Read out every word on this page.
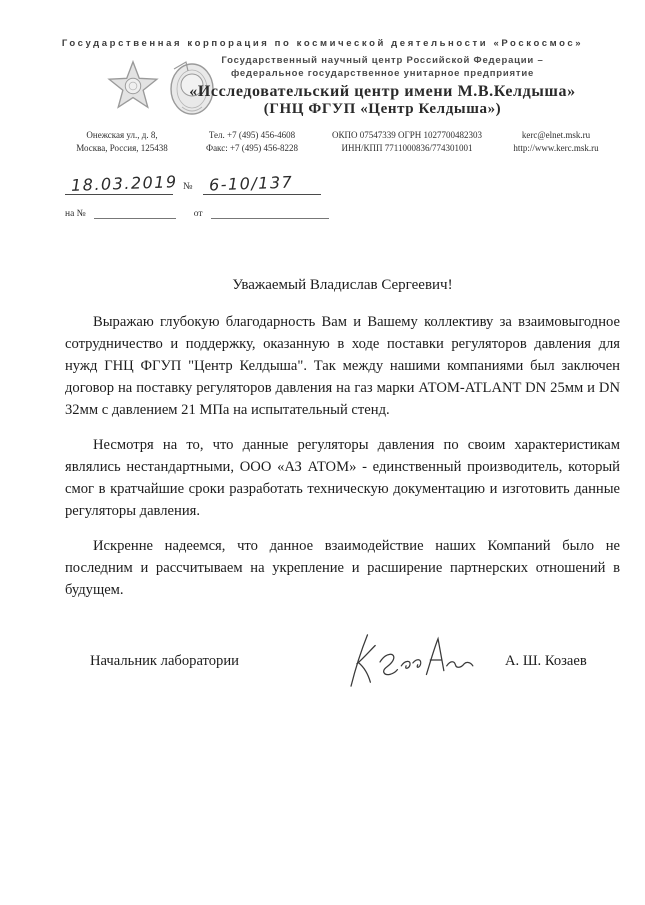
Государственная корпорация по космической деятельности «Роскосмос»
Государственный научный центр Российской Федерации –
федеральное государственное унитарное предприятие
«Исследовательский центр имени М.В.Келдыша»
(ГНЦ ФГУП «Центр Келдыша»)
Онежская ул., д. 8,
Москва, Россия, 125438
Тел. +7 (495) 456-4608
Факс: +7 (495) 456-8228
ОКПО 07547339 ОГРН 1027700482303
ИНН/КПП 7711000836/774301001
kerc@elnet.msk.ru
http://www.kerc.msk.ru
18.03.2019 № 6-10/137
на №	от
Уважаемый Владислав Сергеевич!

Выражаю глубокую благодарность Вам и Вашему коллективу за взаимовыгодное сотрудничество и поддержку, оказанную в ходе поставки регуляторов давления для нужд ГНЦ ФГУП "Центр Келдыша". Так между нашими компаниями был заключен договор на поставку регуляторов давления на газ марки АТОМ-ATLANT DN 25мм и DN 32мм с давлением 21 МПа на испытательный стенд.

Несмотря на то, что данные регуляторы давления по своим характеристикам являлись нестандартными, ООО «АЗ АТОМ» - единственный производитель, который смог в кратчайшие сроки разработать техническую документацию и изготовить данные регуляторы давления.

Искренне надеемся, что данное взаимодействие наших Компаний было не последним и рассчитываем на укрепление и расширение партнерских отношений в будущем.

Начальник лаборатории	А. Ш. Козаев
